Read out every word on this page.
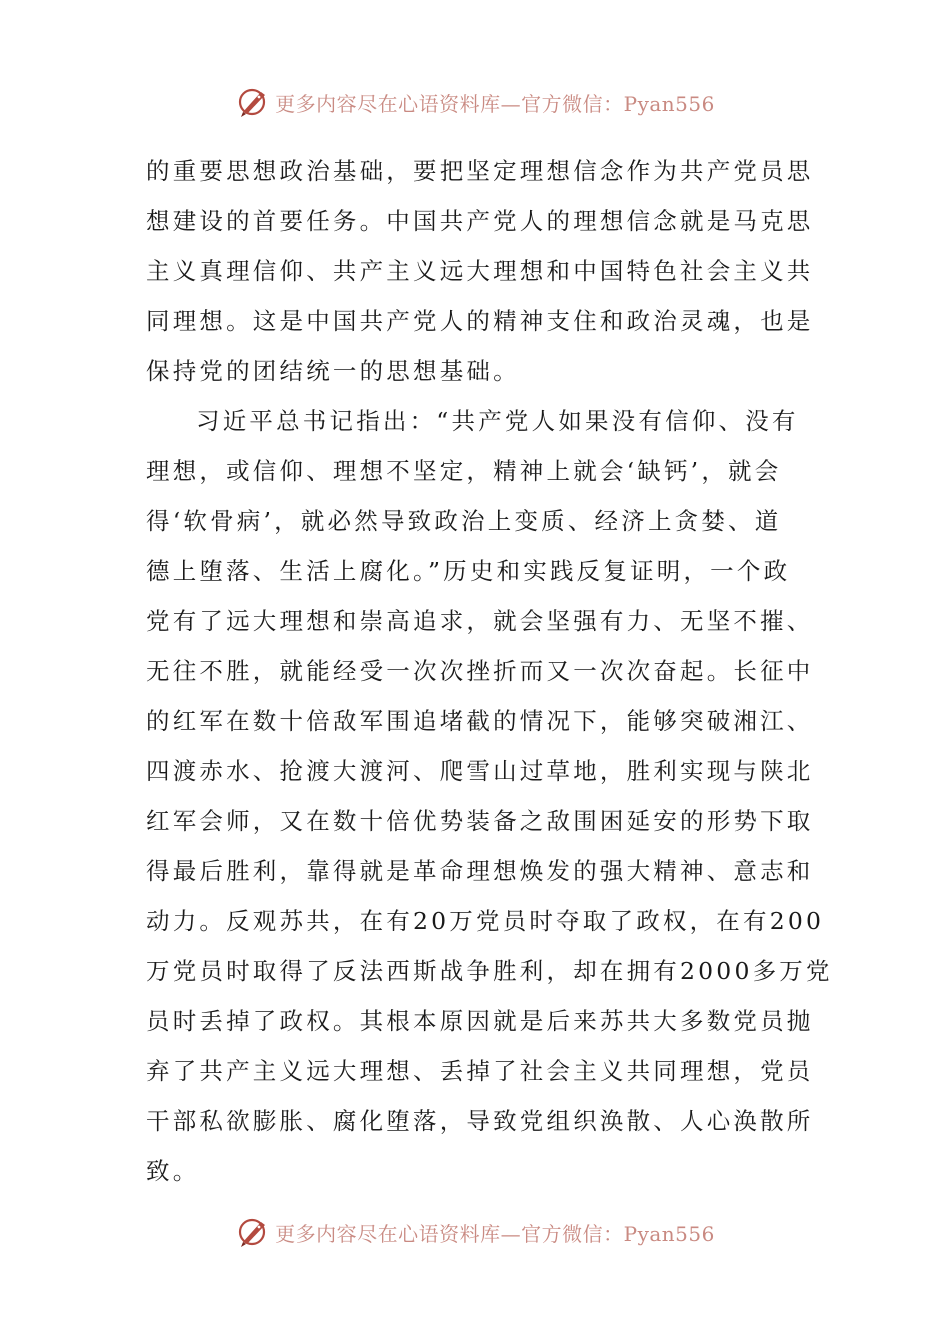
更多内容尽在心语资料库—官方微信：Pyan556
的重要思想政治基础，要把坚定理想信念作为共产党员思
想建设的首要任务。中国共产党人的理想信念就是马克思
主义真理信仰、共产主义远大理想和中国特色社会主义共
同理想。这是中国共产党人的精神支住和政治灵魂，也是
保持党的团结统一的思想基础。
习近平总书记指出：“共产党人如果没有信仰、没有
理想，或信仰、理想不坚定，精神上就会‘缺钙’，就会
得‘软骨病’，就必然导致政治上变质、经济上贪婪、道
德上堕落、生活上腐化。”历史和实践反复证明，一个政
党有了远大理想和崇高追求，就会坚强有力、无坚不摧、
无往不胜，就能经受一次次挫折而又一次次奋起。长征中
的红军在数十倍敌军围追堵截的情况下，能够突破湘江、
四渡赤水、抢渡大渡河、爬雪山过草地，胜利实现与陕北
红军会师，又在数十倍优势装备之敌围困延安的形势下取
得最后胜利，靠得就是革命理想焕发的强大精神、意志和
动力。反观苏共，在有20万党员时夺取了政权，在有200
万党员时取得了反法西斯战争胜利，却在拥有2000多万党
员时丢掉了政权。其根本原因就是后来苏共大多数党员抛
弃了共产主义远大理想、丢掉了社会主义共同理想，党员
干部私欲膨胀、腐化堕落，导致党组织涣散、人心涣散所
致。
更多内容尽在心语资料库—官方微信：Pyan556
